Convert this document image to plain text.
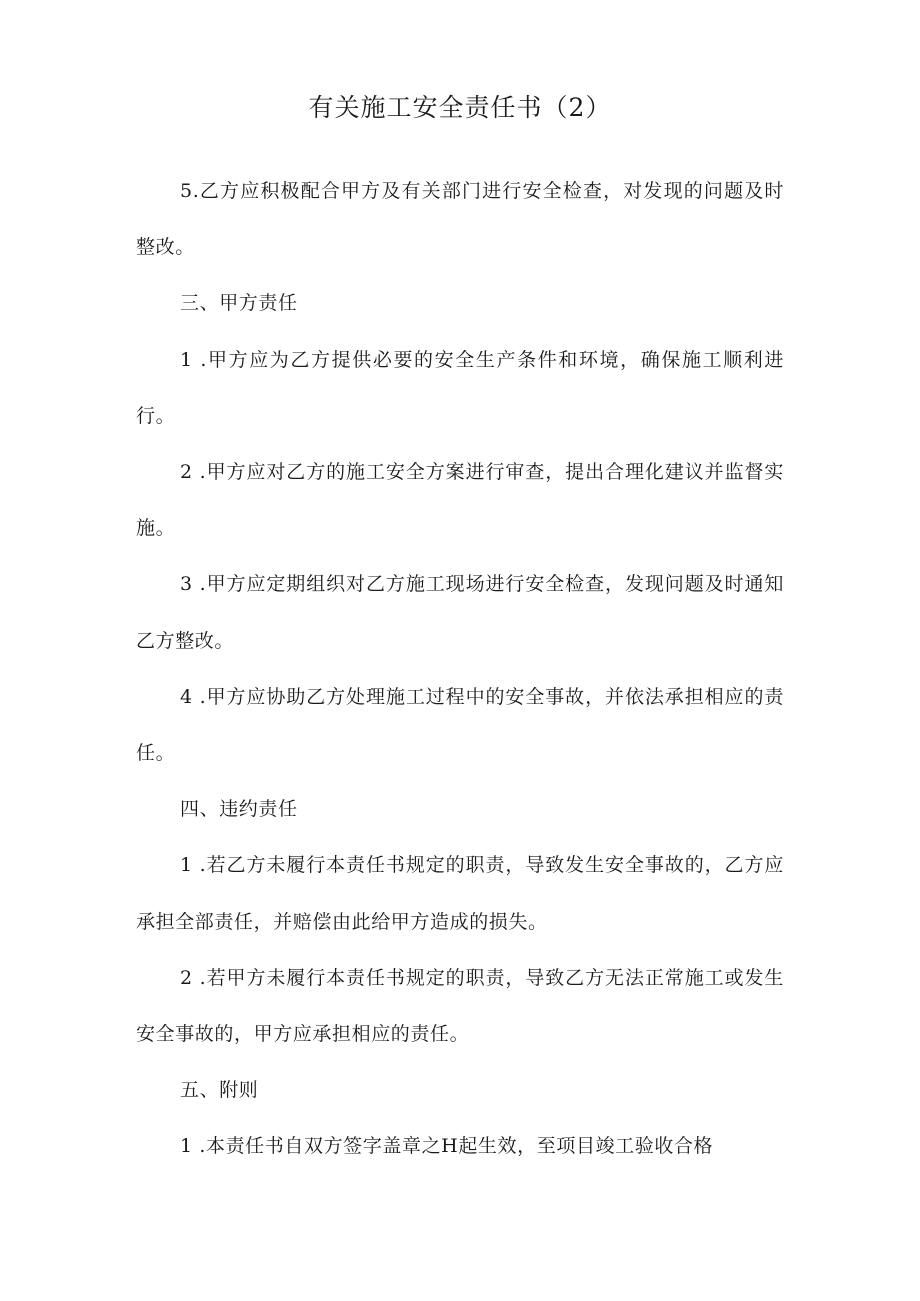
有关施工安全责任书（2）

5.乙方应积极配合甲方及有关部门进行安全检查，对发现的问题及时整改。

三、甲方责任

1 .甲方应为乙方提供必要的安全生产条件和环境，确保施工顺利进行。

2 .甲方应对乙方的施工安全方案进行审查，提出合理化建议并监督实施。

3 .甲方应定期组织对乙方施工现场进行安全检查，发现问题及时通知乙方整改。

4 .甲方应协助乙方处理施工过程中的安全事故，并依法承担相应的责任。

四、违约责任

1 .若乙方未履行本责任书规定的职责，导致发生安全事故的，乙方应承担全部责任，并赔偿由此给甲方造成的损失。

2 .若甲方未履行本责任书规定的职责，导致乙方无法正常施工或发生安全事故的，甲方应承担相应的责任。

五、附则

1 .本责任书自双方签字盖章之H起生效，至项目竣工验收合格
